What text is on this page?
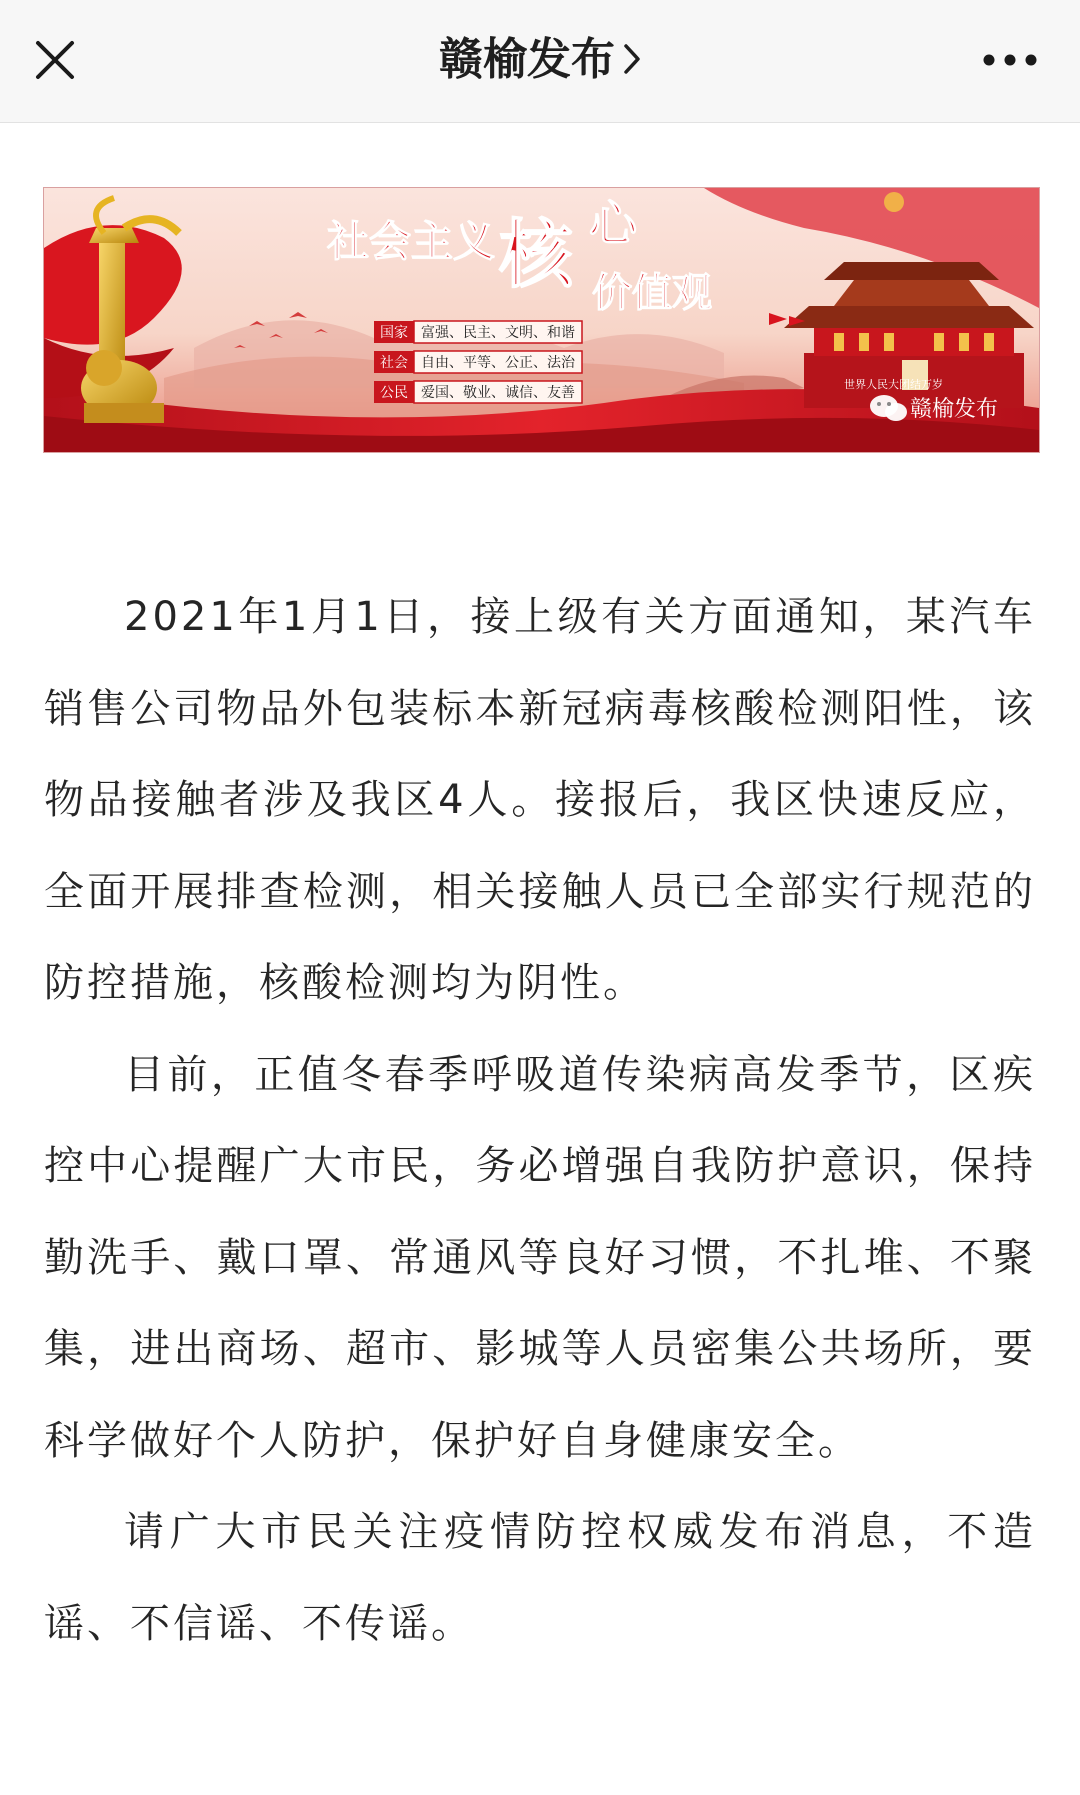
赣榆发布
社会主义 核 心
价值观
国家 富强、民主、文明、和谐
社会 自由、平等、公正、法治
公民 爱国、敬业、诚信、友善
世界人民大团结万岁
赣榆发布

2021年1月1日，接上级有关方面通知，某汽车销售公司物品外包装标本新冠病毒核酸检测阳性，该物品接触者涉及我区4人。接报后，我区快速反应，全面开展排查检测，相关接触人员已全部实行规范的防控措施，核酸检测均为阴性。

目前，正值冬春季呼吸道传染病高发季节，区疾控中心提醒广大市民，务必增强自我防护意识，保持勤洗手、戴口罩、常通风等良好习惯，不扎堆、不聚集，进出商场、超市、影城等人员密集公共场所，要科学做好个人防护，保护好自身健康安全。

请广大市民关注疫情防控权威发布消息，不造谣、不信谣、不传谣。
